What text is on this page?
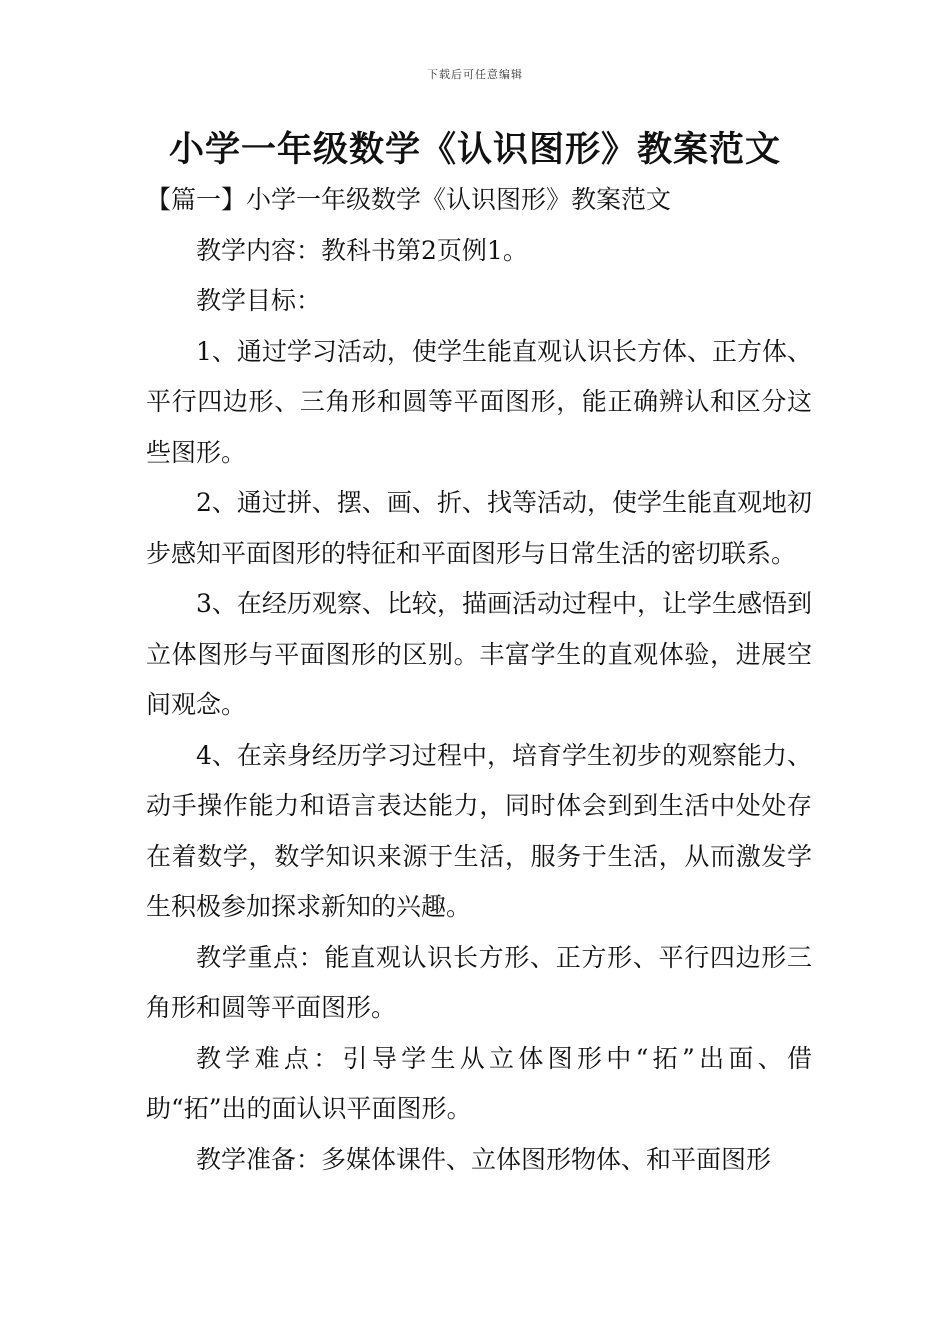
下载后可任意编辑
小学一年级数学《认识图形》教案范文

【篇一】小学一年级数学《认识图形》教案范文

教学内容：教科书第2页例1。

教学目标：

1、通过学习活动，使学生能直观认识长方体、正方体、平行四边形、三角形和圆等平面图形，能正确辨认和区分这些图形。

2、通过拼、摆、画、折、找等活动，使学生能直观地初步感知平面图形的特征和平面图形与日常生活的密切联系。

3、在经历观察、比较，描画活动过程中，让学生感悟到立体图形与平面图形的区别。丰富学生的直观体验，进展空间观念。

4、在亲身经历学习过程中，培育学生初步的观察能力、动手操作能力和语言表达能力，同时体会到到生活中处处存在着数学，数学知识来源于生活，服务于生活，从而激发学生积极参加探求新知的兴趣。

教学重点：能直观认识长方形、正方形、平行四边形三角形和圆等平面图形。

教学难点：引导学生从立体图形中“拓”出面、借助“拓”出的面认识平面图形。

教学准备：多媒体课件、立体图形物体、和平面图形
